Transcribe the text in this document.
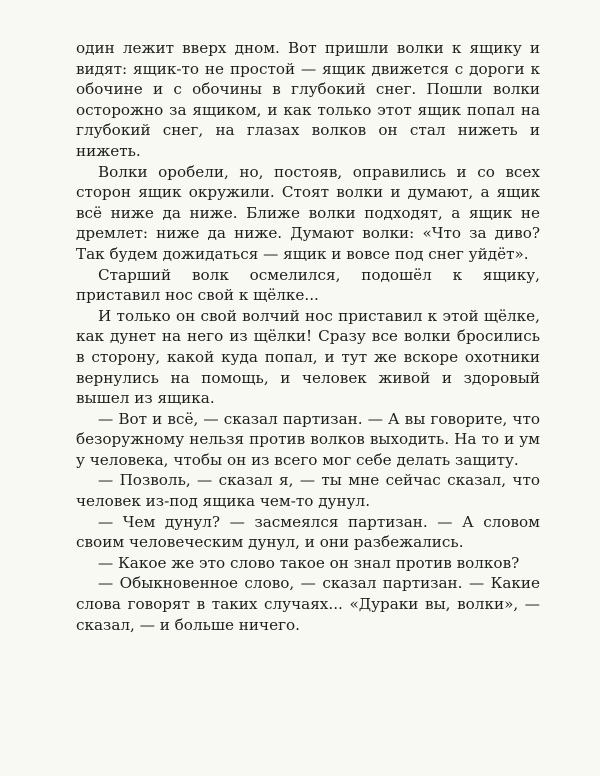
один лежит вверх дном. Вот пришли волки к ящику и видят: ящик-то не простой — ящик движется с дороги к обочине и с обочины в глубокий снег. Пошли волки осторожно за ящиком, и как только этот ящик попал на глубокий снег, на глазах волков он стал нижеть и нижеть.

Волки оробели, но, постояв, оправились и со всех сторон ящик окружили. Стоят волки и думают, а ящик всё ниже да ниже. Ближе волки подходят, а ящик не дремлет: ниже да ниже. Думают волки: «Что за диво? Так будем дожидаться — ящик и вовсе под снег уйдёт».

Старший волк осмелился, подошёл к ящику, приставил нос свой к щёлке...

И только он свой волчий нос приставил к этой щёлке, как дунет на него из щёлки! Сразу все волки бросились в сторону, какой куда попал, и тут же вскоре охотники вернулись на помощь, и человек живой и здоровый вышел из ящика.

— Вот и всё, — сказал партизан. — А вы говорите, что безоружному нельзя против волков выходить. На то и ум у человека, чтобы он из всего мог себе делать защиту.

— Позволь, — сказал я, — ты мне сейчас сказал, что человек из-под ящика чем-то дунул.

— Чем дунул? — засмеялся партизан. — А словом своим человеческим дунул, и они разбежались.

— Какое же это слово такое он знал против волков?

— Обыкновенное слово, — сказал партизан. — Какие слова говорят в таких случаях... «Дураки вы, волки», — сказал, — и больше ничего.
